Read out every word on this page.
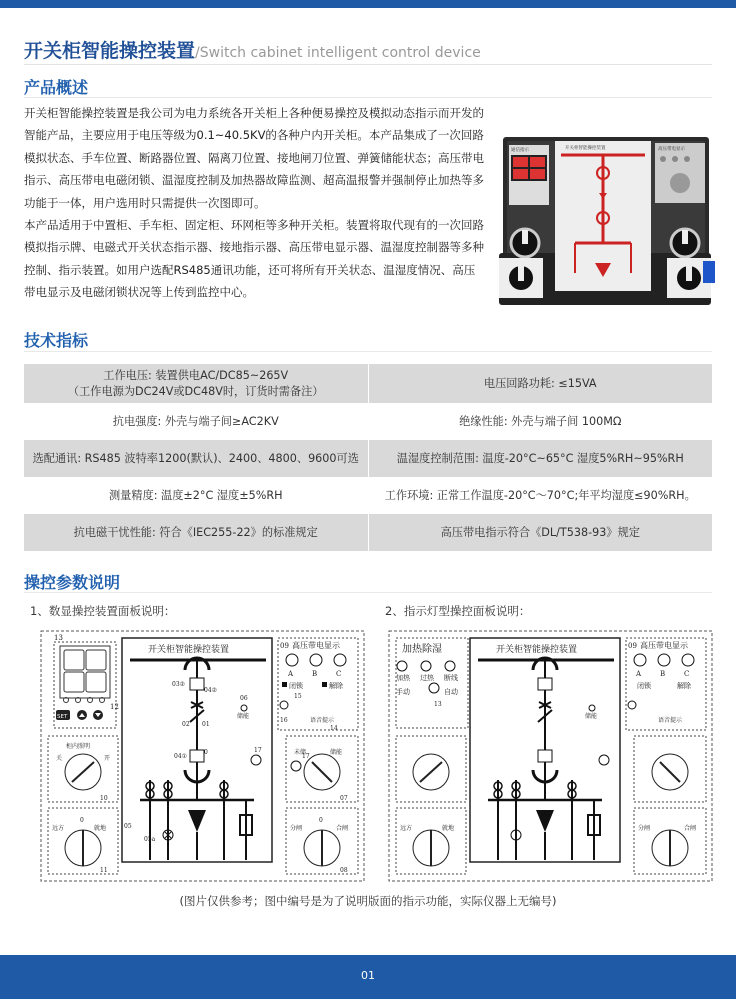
开关柜智能操控装置/Switch cabinet intelligent control device
产品概述

开关柜智能操控装置是我公司为电力系统各开关柜上各种便易操控及模拟动态指示而开发的智能产品，主要应用于电压等级为0.1~40.5KV的各种户内开关柜。本产品集成了一次回路模拟状态、手车位置、断路器位置、隔离刀位置、接地闸刀位置、弹簧储能状态；高压带电指示、高压带电电磁闭锁、温湿度控制及加热器故障监测、超高温报警并强制停止加热等多功能于一体，用户选用时只需提供一次图即可。

本产品适用于中置柜、手车柜、固定柜、环网柜等多种开关柜。装置将取代现有的一次回路模拟指示牌、电磁式开关状态指示器、接地指示器、高压带电显示器、温湿度控制器等多种控制、指示装置。如用户选配RS485通讯功能，还可将所有开关状态、温湿度情况、高压带电显示及电磁闭锁状况等上传到监控中心。

通信指示	开关柜智能操控装置	高压带电显示
技术指标
工作电压: 装置供电AC/DC85~265V
（工作电源为DC24V或DC48V时，订货时需备注）	电压回路功耗: ≤15VA
抗电强度: 外壳与端子间≥AC2KV	绝缘性能: 外壳与端子间 100MΩ
选配通讯: RS485 波特率1200(默认)、2400、4800、9600可选	温湿度控制范围: 温度-20°C~65°C 湿度5%RH~95%RH
测量精度: 温度±2°C 湿度±5%RH	工作环境: 正常工作温度-20°C～70°C;年平均湿度≤90%RH。
抗电磁干忧性能: 符合《IEC255-22》的标准规定	高压带电指示符合《DL/T538-93》规定
操控参数说明
1、数显操控装置面板说明：	2、指示灯型操控面板说明：
13
12
SET
开关柜智能操控装置
03②
04②
02 01
04①
0
06
储能
05
05a
17
09 高压带电显示
A	B	C
闭锁	解除
15
16	语音提示
14
17
柜内照明
关	开
10
远方
0
就地
11
未储	储能
07
分闸
0
合闸
08
加热除湿
加热 过热 断线
手动	自动
13
开关柜智能操控装置
储能
09 高压带电显示
A	B	C
闭锁	解除
语音提示
远方	就地	分闸	合闸
(图片仅供参考；图中编号是为了说明版面的指示功能，实际仪器上无编号)
01
